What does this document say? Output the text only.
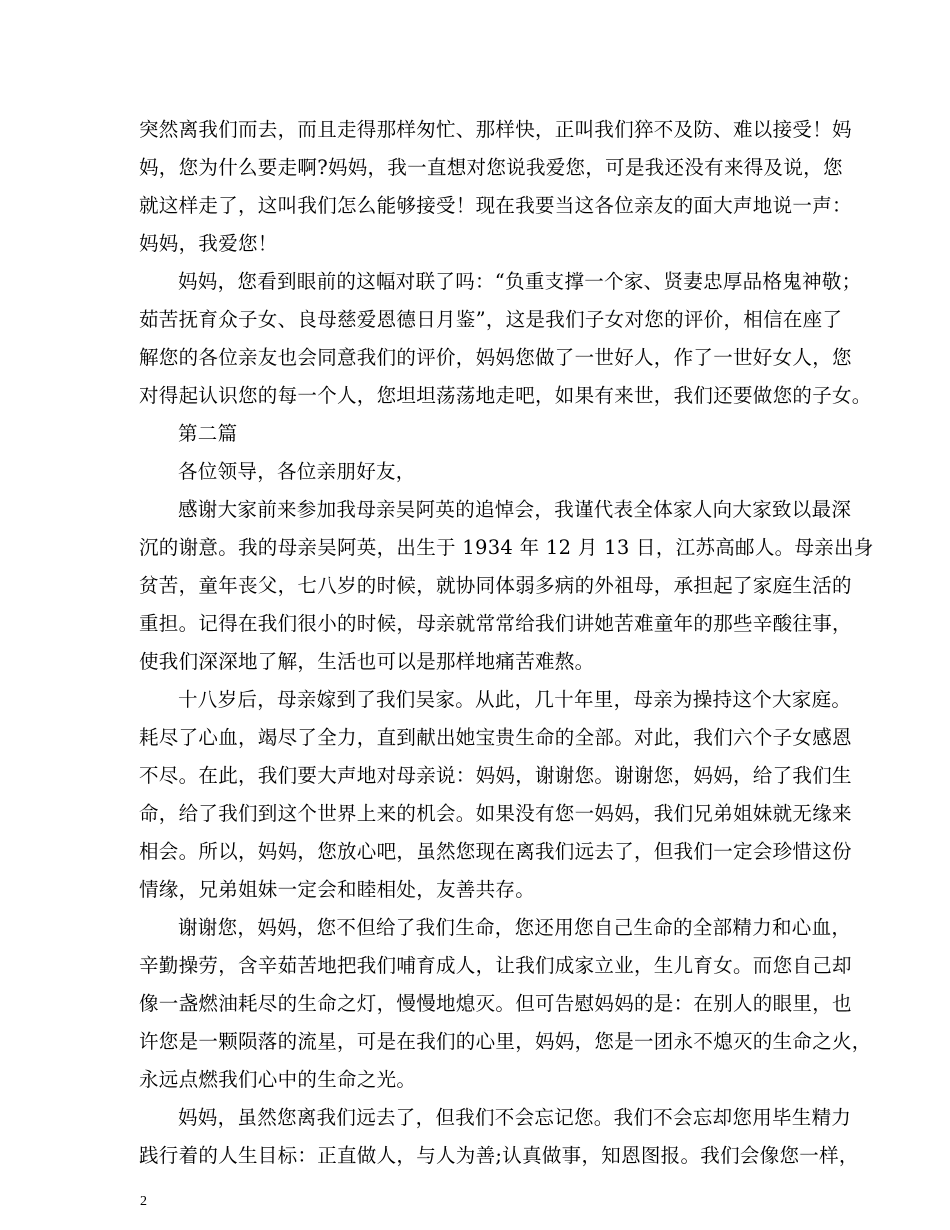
突然离我们而去，而且走得那样匆忙、那样快，正叫我们猝不及防、难以接受！妈
妈，您为什么要走啊?妈妈，我一直想对您说我爱您，可是我还没有来得及说，您
就这样走了，这叫我们怎么能够接受！现在我要当这各位亲友的面大声地说一声：
妈妈，我爱您！
妈妈，您看到眼前的这幅对联了吗：“负重支撑一个家、贤妻忠厚品格鬼神敬；
茹苦抚育众子女、良母慈爱恩德日月鉴”，这是我们子女对您的评价，相信在座了
解您的各位亲友也会同意我们的评价，妈妈您做了一世好人，作了一世好女人，您
对得起认识您的每一个人，您坦坦荡荡地走吧，如果有来世，我们还要做您的子女。
第二篇
各位领导，各位亲朋好友，
感谢大家前来参加我母亲吴阿英的追悼会，我谨代表全体家人向大家致以最深
沉的谢意。我的母亲吴阿英，出生于 1934 年 12 月 13 日，江苏高邮人。母亲出身
贫苦，童年丧父，七八岁的时候，就协同体弱多病的外祖母，承担起了家庭生活的
重担。记得在我们很小的时候，母亲就常常给我们讲她苦难童年的那些辛酸往事，
使我们深深地了解，生活也可以是那样地痛苦难熬。
十八岁后，母亲嫁到了我们吴家。从此，几十年里，母亲为操持这个大家庭。
耗尽了心血，竭尽了全力，直到献出她宝贵生命的全部。对此，我们六个子女感恩
不尽。在此，我们要大声地对母亲说：妈妈，谢谢您。谢谢您，妈妈，给了我们生
命，给了我们到这个世界上来的机会。如果没有您一妈妈，我们兄弟姐妹就无缘来
相会。所以，妈妈，您放心吧，虽然您现在离我们远去了，但我们一定会珍惜这份
情缘，兄弟姐妹一定会和睦相处，友善共存。
谢谢您，妈妈，您不但给了我们生命，您还用您自己生命的全部精力和心血，
辛勤操劳，含辛茹苦地把我们哺育成人，让我们成家立业，生儿育女。而您自己却
像一盏燃油耗尽的生命之灯，慢慢地熄灭。但可告慰妈妈的是：在别人的眼里，也
许您是一颗陨落的流星，可是在我们的心里，妈妈，您是一团永不熄灭的生命之火，
永远点燃我们心中的生命之光。
妈妈，虽然您离我们远去了，但我们不会忘记您。我们不会忘却您用毕生精力
践行着的人生目标：正直做人，与人为善;认真做事，知恩图报。我们会像您一样，
2
